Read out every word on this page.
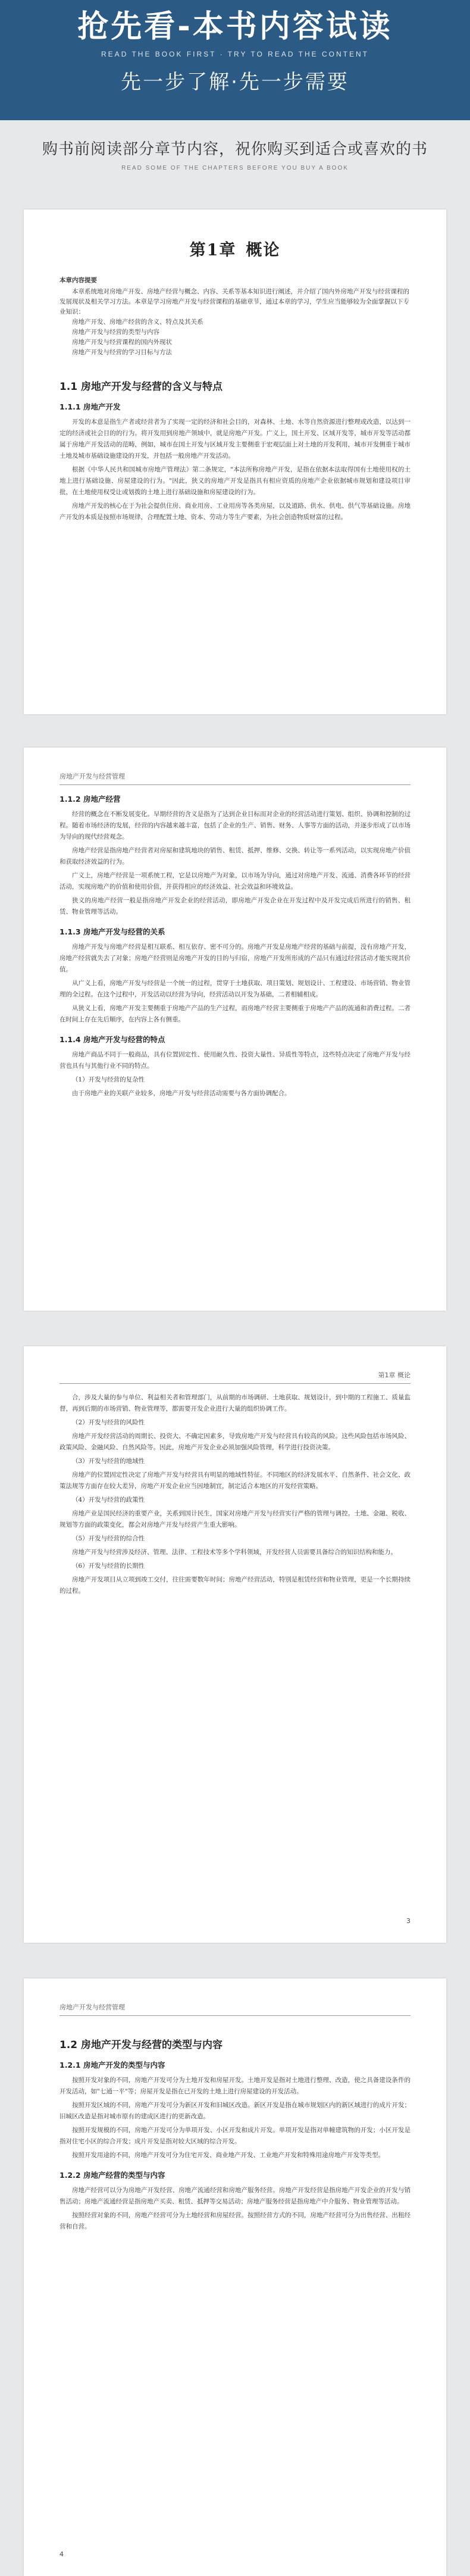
抢先看-本书内容试读
READ THE BOOK FIRST · TRY TO READ THE CONTENT
先一步了解·先一步需要
购书前阅读部分章节内容，祝你购买到适合或喜欢的书
READ SOME OF THE CHAPTERS BEFORE YOU BUY A BOOK
第1章 概论
本章内容提要

本章系统地对房地产开发、房地产经营与概念、内容、关系等基本知识进行阐述，并介绍了国内外房地产开发与经营课程的发展现状及相关学习方法。本章是学习房地产开发与经营课程的基础章节，通过本章的学习，学生应当能够较为全面掌握以下专业知识：

房地产开发、房地产经营的含义、特点及其关系
房地产开发与经营的类型与内容
房地产开发与经营课程的国内外现状
房地产开发与经营的学习目标与方法
1.1 房地产开发与经营的含义与特点
1.1.1 房地产开发

开发的本意是指生产者或经营者为了实现一定的经济和社会目的，对森林、土地、水等自然资源进行整理或改造，以达到一定的经济或社会目的的行为。将开发用到房地产领域中，就是房地产开发。广义上，国土开发、区域开发等，城市开发等活动都属于房地产开发活动的范畴，例如，城市在国土开发与区域开发主要侧重于宏观层面上对土地的开发利用，城市开发侧重于城市土地及城市基础设施建设的开发，并包括一般房地产开发活动。

根据《中华人民共和国城市房地产管理法》第二条规定，"本法所称房地产开发，是指在依据本法取得国有土地使用权的土地上进行基础设施、房屋建设的行为。"因此，狭义的房地产开发是指具有相应资质的房地产企业依据城市规划和建设项目审批，在土地使用权受让或划拨的土地上进行基础设施和房屋建设的行为。

房地产开发的核心在于为社会提供住房、商业用房、工业用房等各类房屋，以及道路、供水、供电、供气等基础设施。房地产开发的本质是按照市场规律，合理配置土地、资本、劳动力等生产要素，为社会创造物质财富的过程。

房地产开发与经营管理
1.1.2 房地产经营

经营的概念在不断发展变化。早期经营的含义是指为了达到企业目标而对企业的经营活动进行策划、组织、协调和控制的过程。随着市场经济的发展，经营的内容越来越丰富，包括了企业的生产、销售、财务、人事等方面的活动，并逐步形成了以市场为导向的现代经营观念。

房地产经营是指房地产经营者对房屋和建筑地块的销售、租赁、抵押、维修、交换、转让等一系列活动，以实现房地产价值和获取经济效益的行为。

广义上，房地产经营是一项系统工程，它是以房地产为对象，以市场为导向，通过对房地产开发、流通、消费各环节的经营活动，实现房地产的价值和使用价值，并获得相应的经济效益、社会效益和环境效益。

狭义的房地产经营一般是指房地产开发企业的经营活动，即房地产开发企业在开发过程中及开发完成后所进行的销售、租赁、物业管理等活动。

1.1.3 房地产开发与经营的关系

房地产开发与房地产经营是相互联系、相互依存、密不可分的。房地产开发是房地产经营的基础与前提，没有房地产开发，房地产经营就失去了对象；房地产经营则是房地产开发的目的与归宿，房地产开发所形成的产品只有通过经营活动才能实现其价值。

从广义上看，房地产开发与经营是一个统一的过程，贯穿于土地获取、项目策划、规划设计、工程建设、市场营销、物业管理的全过程。在这个过程中，开发活动以经营为导向，经营活动以开发为基础，二者相辅相成。

从狭义上看，房地产开发主要侧重于房地产产品的生产过程，而房地产经营主要侧重于房地产产品的流通和消费过程。二者在时间上存在先后顺序，在内容上各有侧重。

1.1.4 房地产开发与经营的特点

房地产商品不同于一般商品，具有位置固定性、使用耐久性、投资大量性、异质性等特点，这些特点决定了房地产开发与经营也具有与其他行业不同的特点。

（1）开发与经营的复杂性

由于房地产业的关联产业较多，房地产开发与经营活动需要与各方面协调配合。

第1章 概论

合，涉及大量的参与单位、利益相关者和管理部门，从前期的市场调研、土地获取、规划设计，到中期的工程施工、质量监督，再到后期的市场营销、物业管理等，都需要开发企业进行大量的组织协调工作。

（2）开发与经营的风险性

房地产开发经营活动的周期长、投资大、不确定因素多，导致房地产开发与经营具有较高的风险。这些风险包括市场风险、政策风险、金融风险、自然风险等。因此，房地产开发企业必须加强风险管理，科学进行投资决策。

（3）开发与经营的地域性

房地产的位置固定性决定了房地产开发与经营具有明显的地域性特征。不同地区的经济发展水平、自然条件、社会文化、政策法规等方面存在较大差异，房地产开发企业应当因地制宜，制定适合本地区的开发经营策略。

（4）开发与经营的政策性

房地产业是国民经济的重要产业，关系到国计民生，国家对房地产开发与经营实行严格的管理与调控。土地、金融、税收、规划等方面的政策变化，都会对房地产开发与经营产生重大影响。

（5）开发与经营的综合性

房地产开发与经营涉及经济、管理、法律、工程技术等多个学科领域，开发经营人员需要具备综合的知识结构和能力。

（6）开发与经营的长期性

房地产开发项目从立项到竣工交付，往往需要数年时间；房地产经营活动，特别是租赁经营和物业管理，更是一个长期持续的过程。

3
房地产开发与经营管理
1.2 房地产开发与经营的类型与内容
1.2.1 房地产开发的类型与内容

按照开发对象的不同，房地产开发可分为土地开发和房屋开发。土地开发是指对土地进行整理、改造，使之具备建设条件的开发活动，如"七通一平"等；房屋开发是指在已开发的土地上进行房屋建设的开发活动。

按照开发区域的不同，房地产开发可分为新区开发和旧城区改造。新区开发是指在城市规划区内的新区域进行的成片开发；旧城区改造是指对城市原有的建成区进行的更新改造。

按照开发规模的不同，房地产开发可分为单项开发、小区开发和成片开发。单项开发是指对单幢建筑物的开发；小区开发是指对住宅小区的综合开发；成片开发是指对较大区域的综合开发。

按照开发用途的不同，房地产开发可分为住宅开发、商业地产开发、工业地产开发和特殊用途房地产开发等类型。

1.2.2 房地产经营的类型与内容

房地产经营可以分为房地产开发经营、房地产流通经营和房地产服务经营。房地产开发经营是指房地产开发企业的开发与销售活动；房地产流通经营是指房地产买卖、租赁、抵押等交易活动；房地产服务经营是指房地产中介服务、物业管理等活动。

按照经营对象的不同，房地产经营可分为土地经营和房屋经营。按照经营方式的不同，房地产经营可分为出售经营、出租经营和自营。

4
